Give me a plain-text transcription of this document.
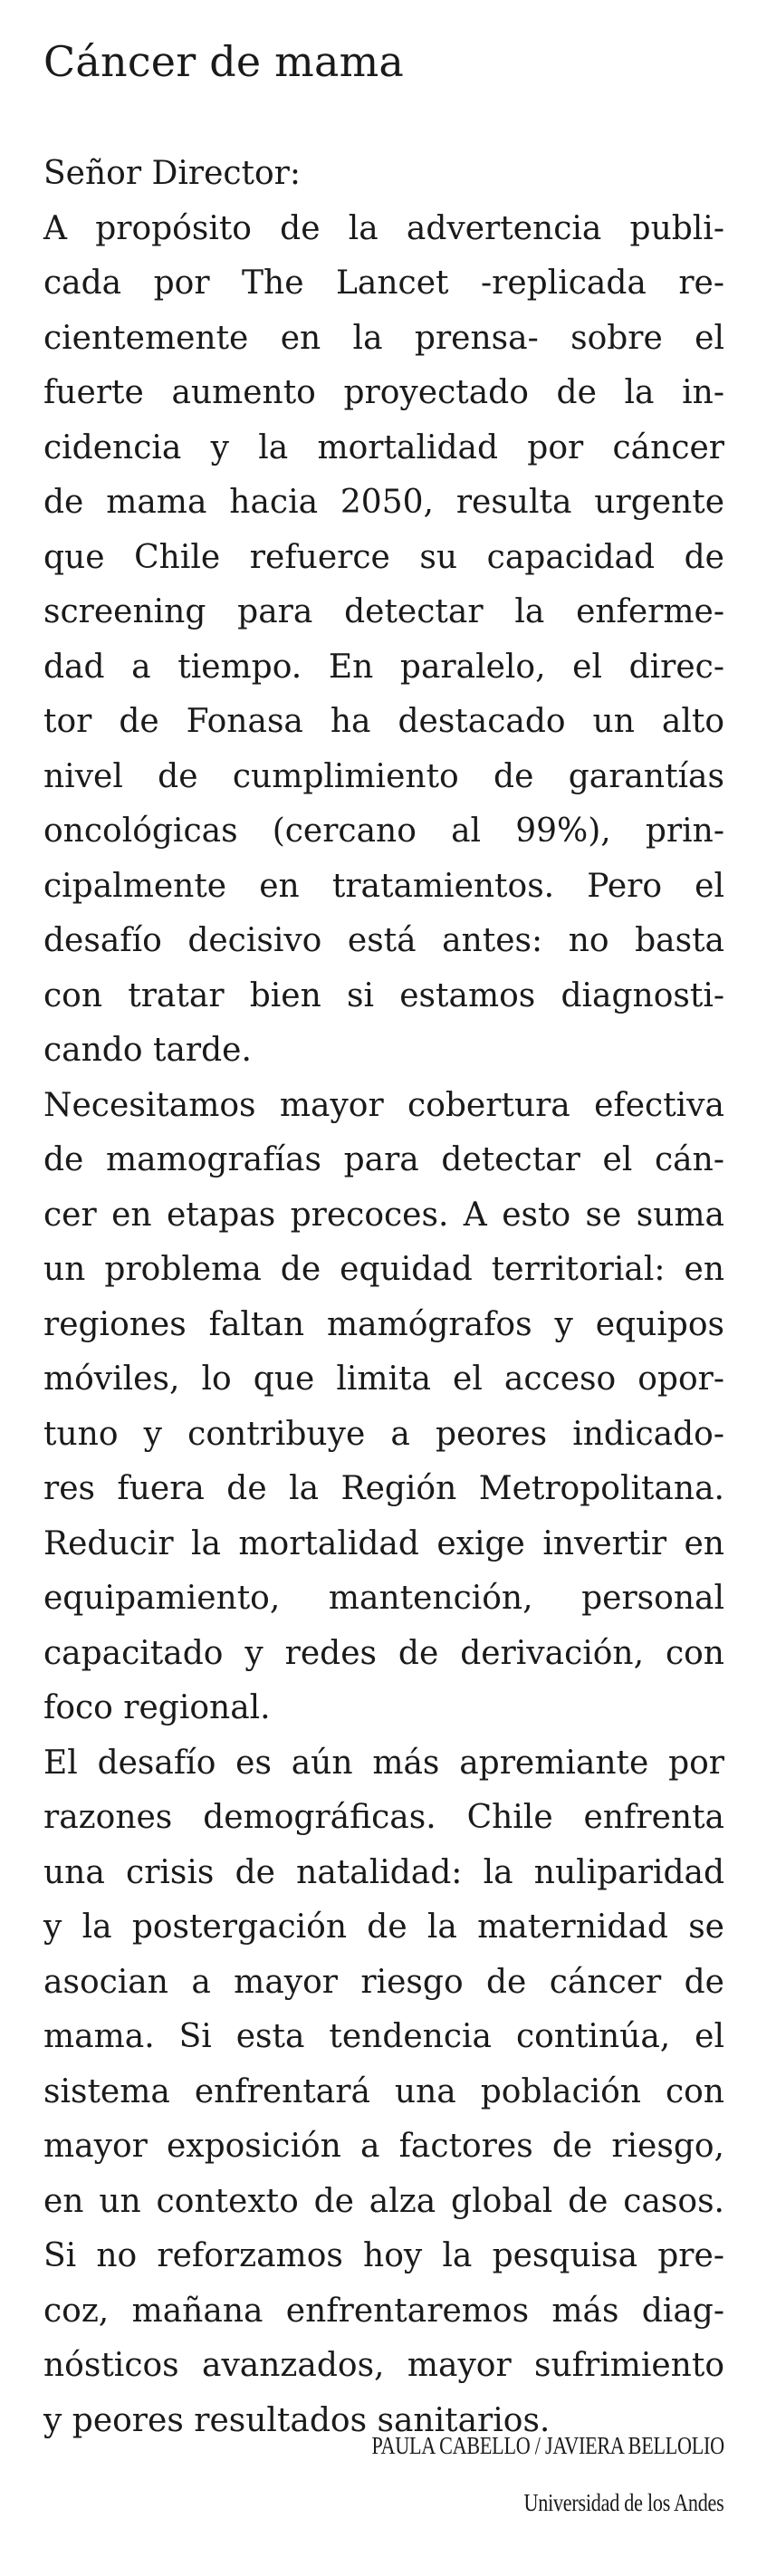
Cáncer de mama
Señor Director:
A propósito de la advertencia publi-
cada por The Lancet -replicada re-
cientemente en la prensa- sobre el
fuerte aumento proyectado de la in-
cidencia y la mortalidad por cáncer
de mama hacia 2050, resulta urgente
que Chile refuerce su capacidad de
screening para detectar la enferme-
dad a tiempo. En paralelo, el direc-
tor de Fonasa ha destacado un alto
nivel de cumplimiento de garantías
oncológicas (cercano al 99%), prin-
cipalmente en tratamientos. Pero el
desafío decisivo está antes: no basta
con tratar bien si estamos diagnosti-
cando tarde.
Necesitamos mayor cobertura efectiva
de mamografías para detectar el cán-
cer en etapas precoces. A esto se suma
un problema de equidad territorial: en
regiones faltan mamógrafos y equipos
móviles, lo que limita el acceso opor-
tuno y contribuye a peores indicado-
res fuera de la Región Metropolitana.
Reducir la mortalidad exige invertir en
equipamiento, mantención, personal
capacitado y redes de derivación, con
foco regional.
El desafío es aún más apremiante por
razones demográficas. Chile enfrenta
una crisis de natalidad: la nuliparidad
y la postergación de la maternidad se
asocian a mayor riesgo de cáncer de
mama. Si esta tendencia continúa, el
sistema enfrentará una población con
mayor exposición a factores de riesgo,
en un contexto de alza global de casos.
Si no reforzamos hoy la pesquisa pre-
coz, mañana enfrentaremos más diag-
nósticos avanzados, mayor sufrimiento
y peores resultados sanitarios.
PAULA CABELLO / JAVIERA BELLOLIO
Universidad de los Andes
